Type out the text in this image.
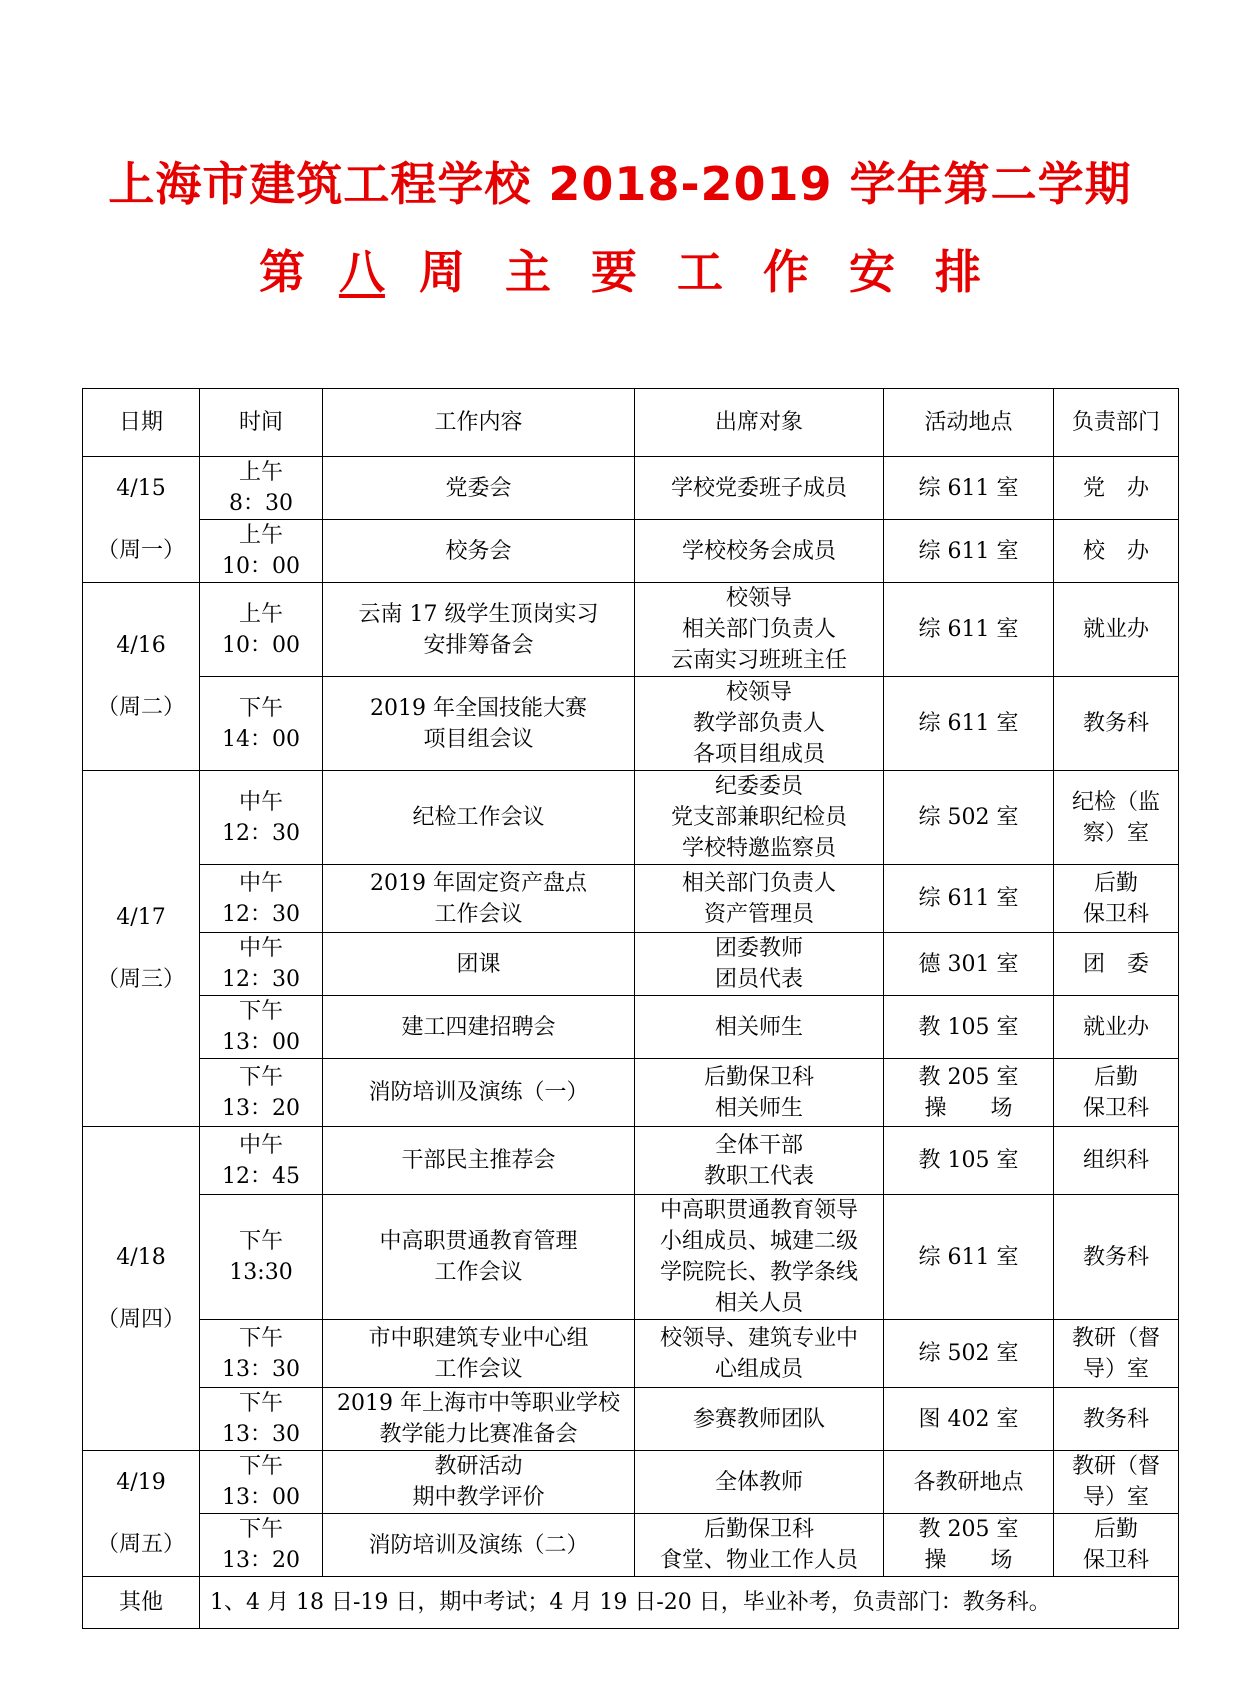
上海市建筑工程学校 2018-2019 学年第二学期
第 八 周 主 要 工 作 安 排
日期	时间	工作内容	出席对象	活动地点	负责部门
4/15

（周一）	上午
8：30	党委会	学校党委班子成员	综 611 室	党　办
	上午
10：00	校务会	学校校务会成员	综 611 室	校　办
4/16

（周二）	上午
10：00	云南 17 级学生顶岗实习
安排筹备会	校领导
相关部门负责人
云南实习班班主任	综 611 室	就业办
	下午
14：00	2019 年全国技能大赛
项目组会议	校领导
教学部负责人
各项目组成员	综 611 室	教务科
4/17

（周三）	中午
12：30	纪检工作会议	纪委委员
党支部兼职纪检员
学校特邀监察员	综 502 室	纪检（监
察）室
	中午
12：30	2019 年固定资产盘点
工作会议	相关部门负责人
资产管理员	综 611 室	后勤
保卫科
	中午
12：30	团课	团委教师
团员代表	德 301 室	团　委
	下午
13：00	建工四建招聘会	相关师生	教 105 室	就业办
	下午
13：20	消防培训及演练（一）	后勤保卫科
相关师生	教 205 室
操　　场	后勤
保卫科
4/18

（周四）	中午
12：45	干部民主推荐会	全体干部
教职工代表	教 105 室	组织科
	下午
13:30	中高职贯通教育管理
工作会议	中高职贯通教育领导
小组成员、城建二级
学院院长、教学条线
相关人员	综 611 室	教务科
	下午
13：30	市中职建筑专业中心组
工作会议	校领导、建筑专业中
心组成员	综 502 室	教研（督
导）室
	下午
13：30	2019 年上海市中等职业学校
教学能力比赛准备会	参赛教师团队	图 402 室	教务科
4/19

（周五）	下午
13：00	教研活动
期中教学评价	全体教师	各教研地点	教研（督
导）室
	下午
13：20	消防培训及演练（二）	后勤保卫科
食堂、物业工作人员	教 205 室
操　　场	后勤
保卫科
其他	1、4 月 18 日-19 日，期中考试；4 月 19 日-20 日，毕业补考，负责部门：教务科。				
